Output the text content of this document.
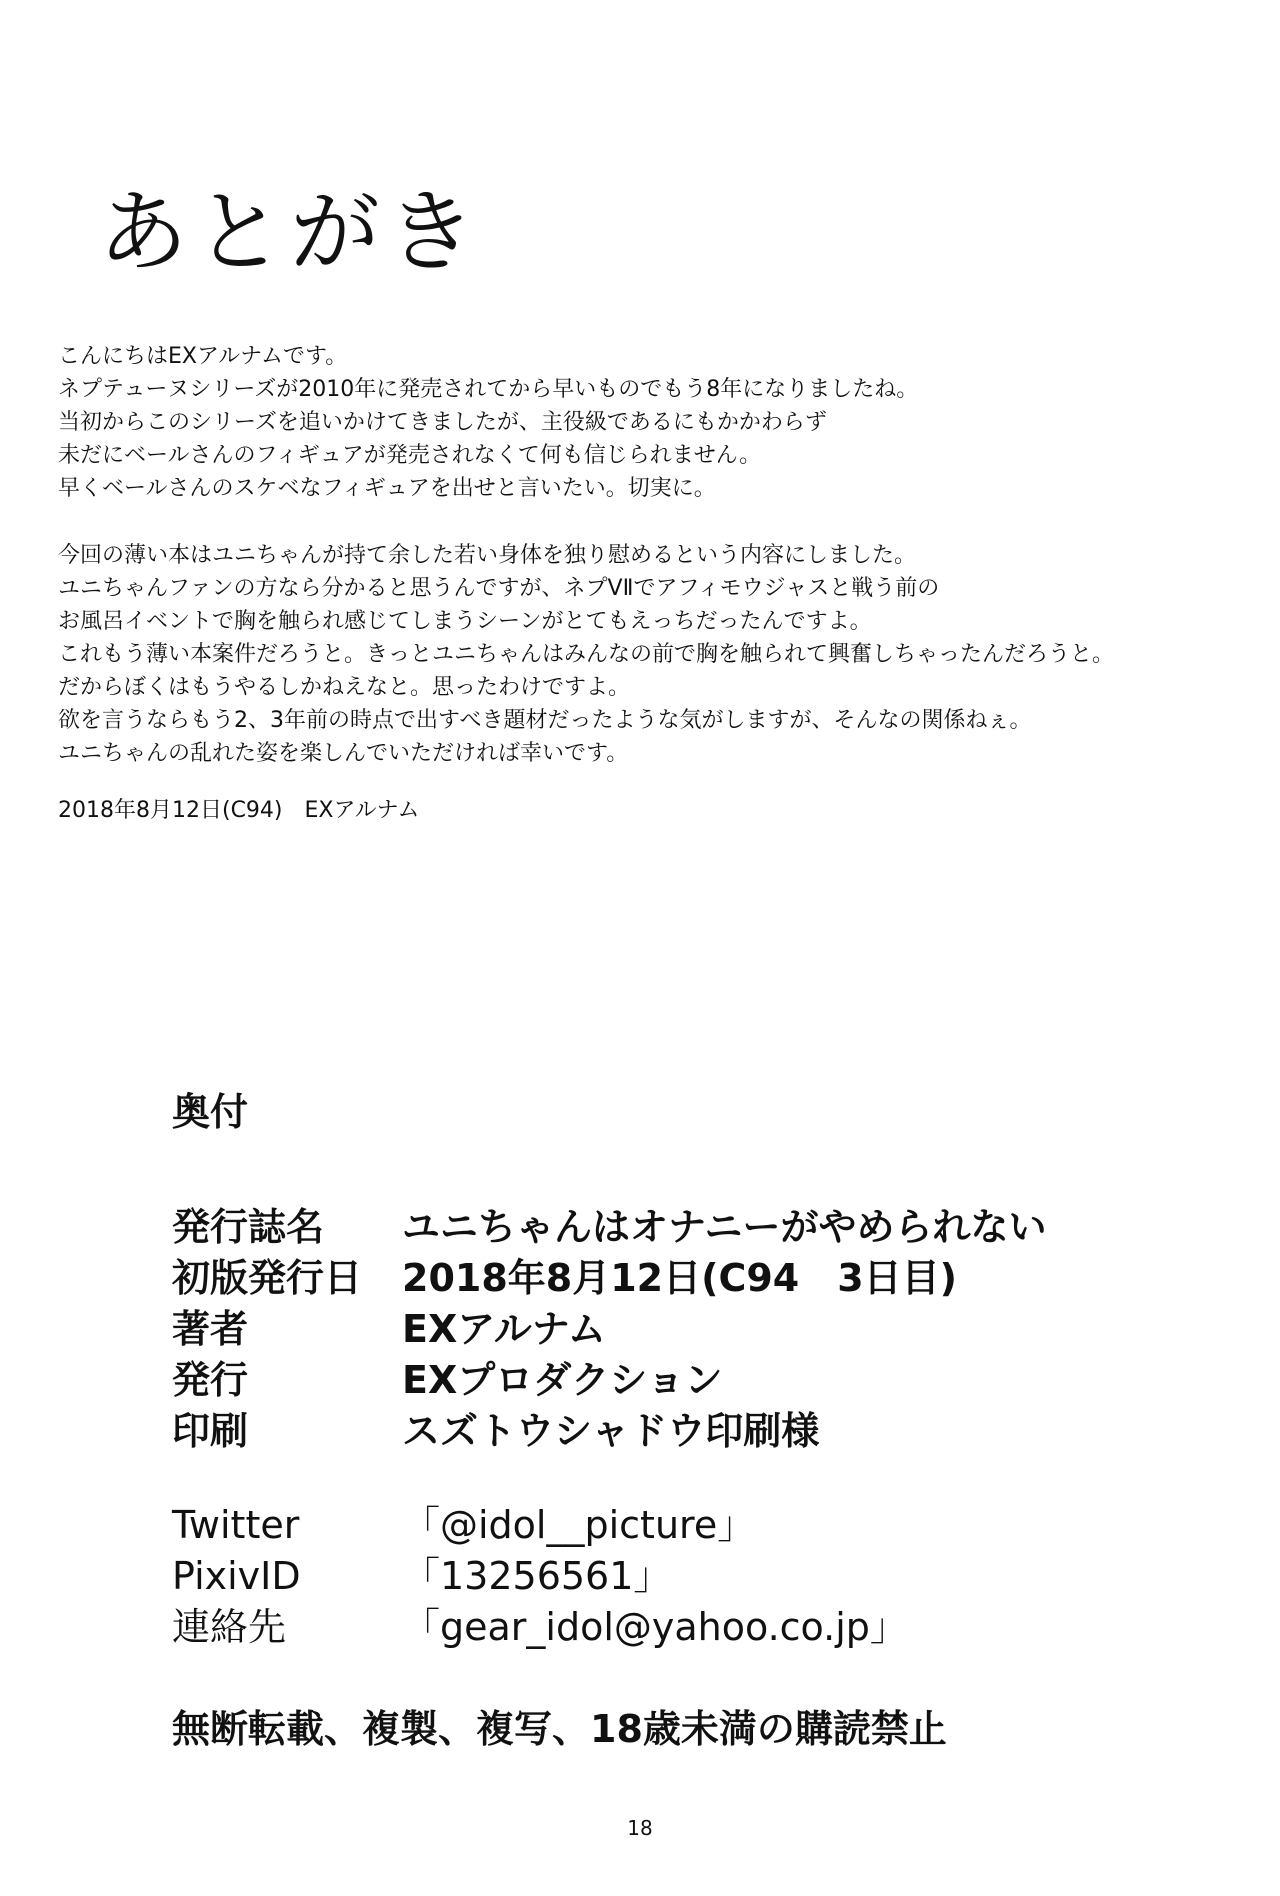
あとがき

こんにちはEXアルナムです。
ネプテューヌシリーズが2010年に発売されてから早いものでもう8年になりましたね。
当初からこのシリーズを追いかけてきましたが、主役級であるにもかかわらず
未だにベールさんのフィギュアが発売されなくて何も信じられません。
早くベールさんのスケベなフィギュアを出せと言いたい。切実に。

今回の薄い本はユニちゃんが持て余した若い身体を独り慰めるという内容にしました。
ユニちゃんファンの方なら分かると思うんですが、ネプVⅡでアフィモウジャスと戦う前の
お風呂イベントで胸を触られ感じてしまうシーンがとてもえっちだったんですよ。
これもう薄い本案件だろうと。きっとユニちゃんはみんなの前で胸を触られて興奮しちゃったんだろうと。
だからぼくはもうやるしかねえなと。思ったわけですよ。
欲を言うならもう2、3年前の時点で出すべき題材だったような気がしますが、そんなの関係ねぇ。
ユニちゃんの乱れた姿を楽しんでいただければ幸いです。

2018年8月12日(C94)　EXアルナム
奥付
発行誌名	ユニちゃんはオナニーがやめられない
初版発行日	2018年8月12日(C94　3日目)
著者	EXアルナム
発行	EXプロダクション
印刷	スズトウシャドウ印刷様
Twitter	「@idol__picture」
PixivID	「13256561」
連絡先	「gear_idol@yahoo.co.jp」
無断転載、複製、複写、18歳未満の購読禁止
18
